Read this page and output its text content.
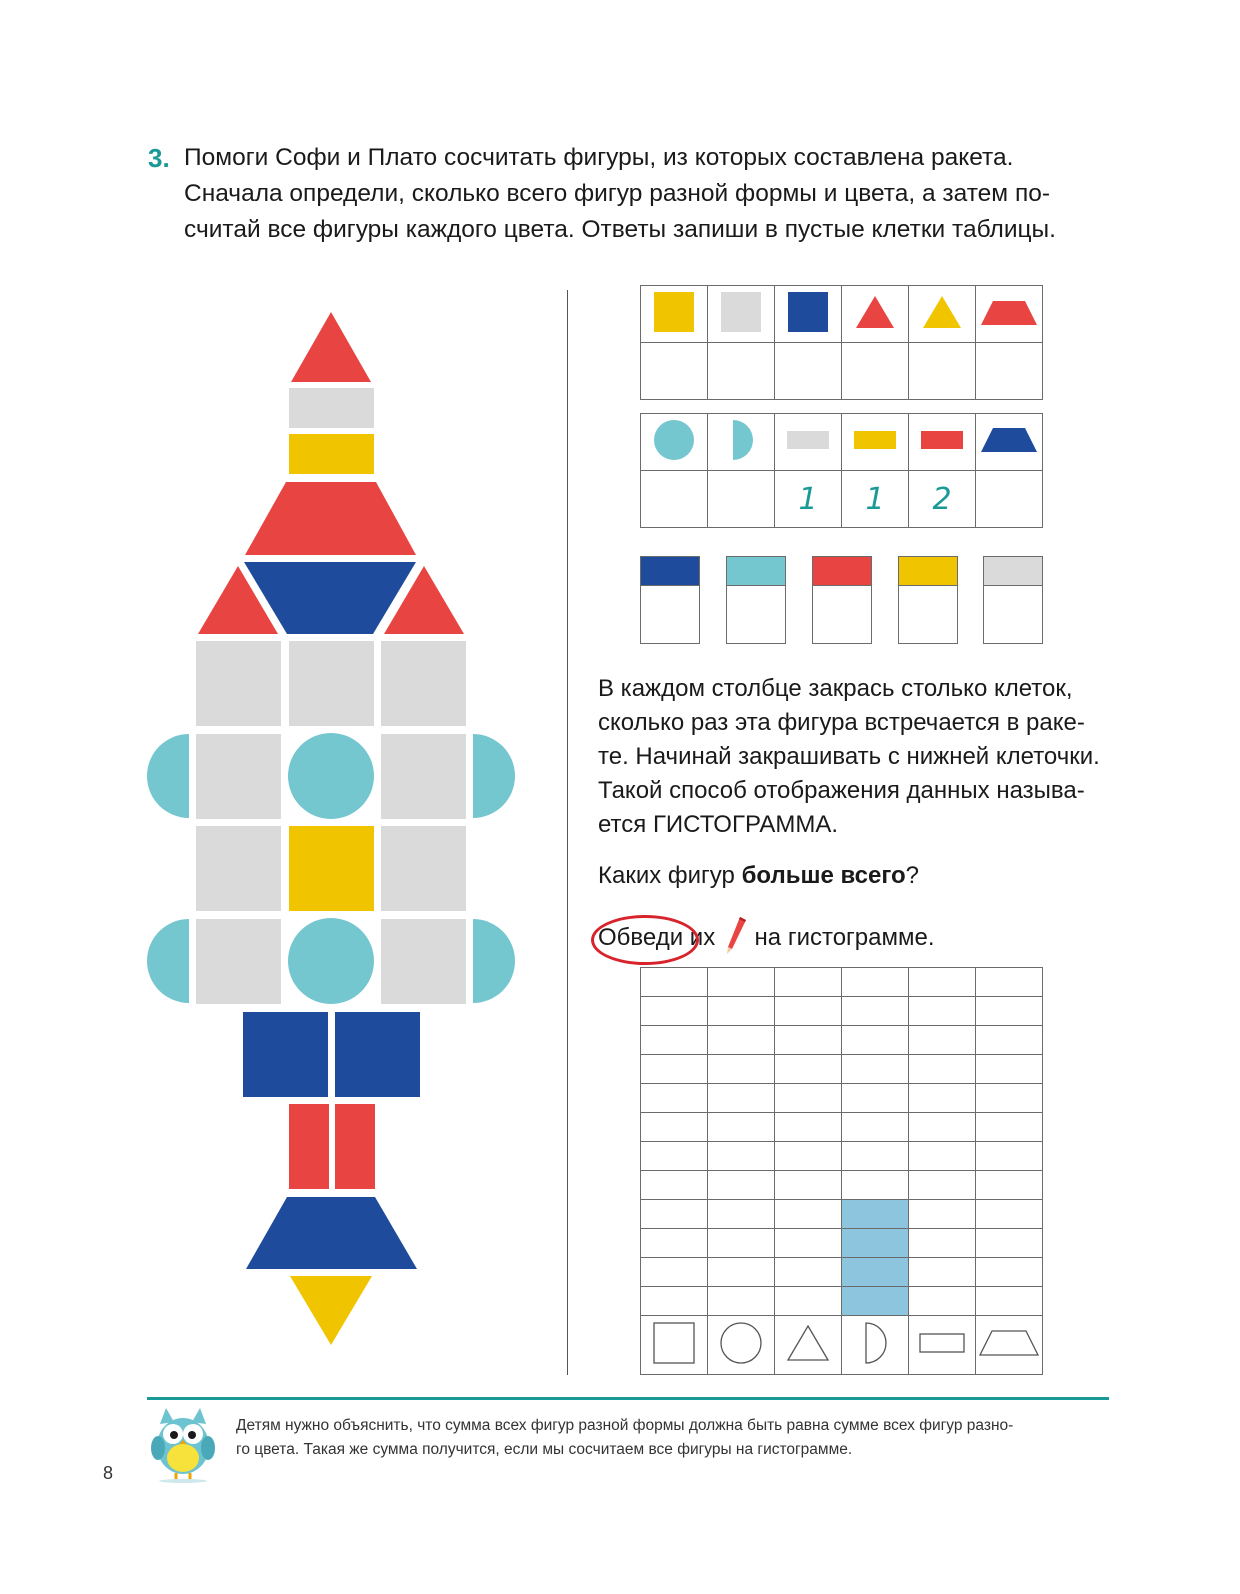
3. Помоги Софи и Плато сосчитать фигуры, из которых составлена ракета.
Сначала определи, сколько всего фигур разной формы и цвета, а затем по-
считай все фигуры каждого цвета. Ответы запиши в пустые клетки таблицы.

		1	1	2	
В каждом столбце закрась столько клеток,
сколько раз эта фигура встречается в раке-
те. Начинай закрашивать с нижней клеточки.
Такой способ отображения данных называ-
ется ГИСТОГРАММА.
Каких фигур больше всего?
Обведи их  на гистограмме.

Детям нужно объяснить, что сумма всех фигур разной формы должна быть равна сумме всех фигур разно-
го цвета. Такая же сумма получится, если мы сосчитаем все фигуры на гистограмме.
8
